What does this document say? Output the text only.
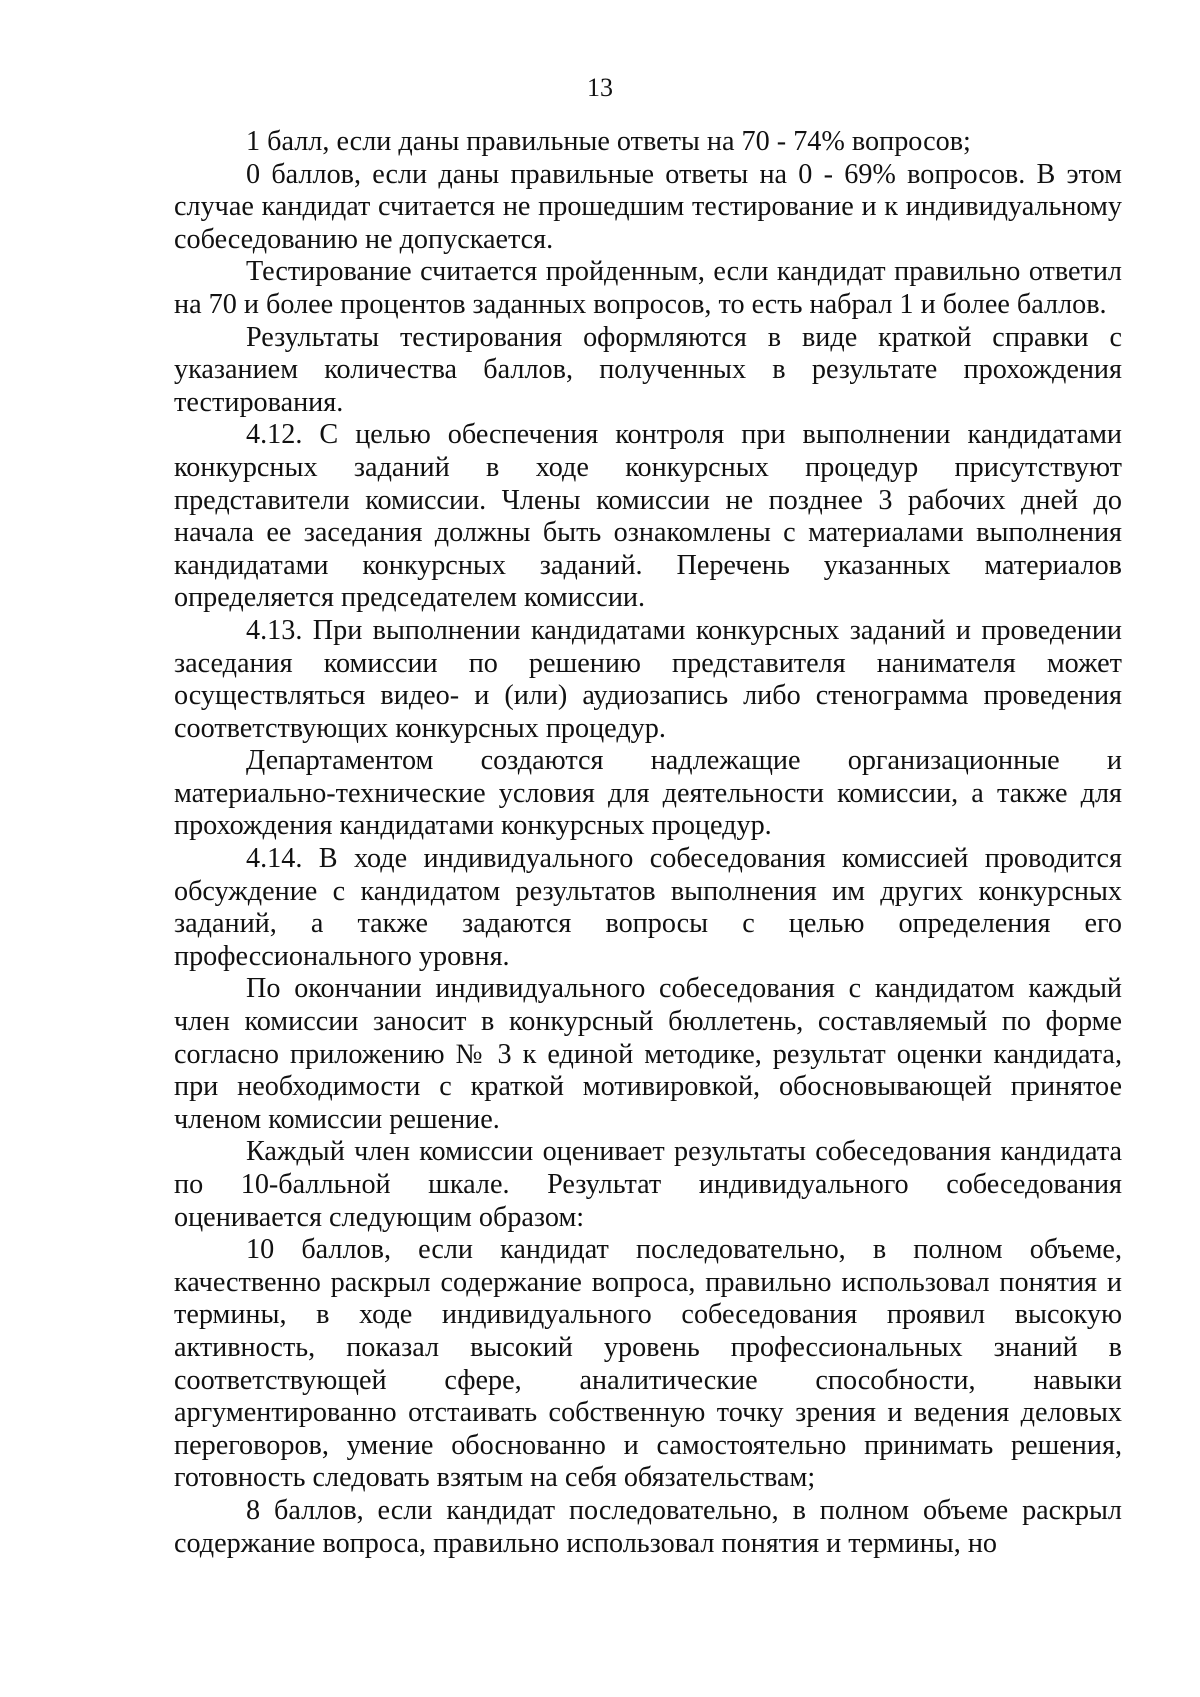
13

1 балл, если даны правильные ответы на 70 - 74% вопросов;

0 баллов, если даны правильные ответы на 0 - 69% вопросов. В этом случае кандидат считается не прошедшим тестирование и к индивидуальному собеседованию не допускается.

Тестирование считается пройденным, если кандидат правильно ответил на 70 и более процентов заданных вопросов, то есть набрал 1 и более баллов.

Результаты тестирования оформляются в виде краткой справки с указанием количества баллов, полученных в результате прохождения тестирования.

4.12. С целью обеспечения контроля при выполнении кандидатами конкурсных заданий в ходе конкурсных процедур присутствуют представители комиссии. Члены комиссии не позднее 3 рабочих дней до начала ее заседания должны быть ознакомлены с материалами выполнения кандидатами конкурсных заданий. Перечень указанных материалов определяется председателем комиссии.

4.13. При выполнении кандидатами конкурсных заданий и проведении заседания комиссии по решению представителя нанимателя может осуществляться видео- и (или) аудиозапись либо стенограмма проведения соответствующих конкурсных процедур.

Департаментом создаются надлежащие организационные и материально-технические условия для деятельности комиссии, а также для прохождения кандидатами конкурсных процедур.

4.14. В ходе индивидуального собеседования комиссией проводится обсуждение с кандидатом результатов выполнения им других конкурсных заданий, а также задаются вопросы с целью определения его профессионального уровня.

По окончании индивидуального собеседования с кандидатом каждый член комиссии заносит в конкурсный бюллетень, составляемый по форме согласно приложению № 3 к единой методике, результат оценки кандидата, при необходимости с краткой мотивировкой, обосновывающей принятое членом комиссии решение.

Каждый член комиссии оценивает результаты собеседования кандидата по 10-балльной шкале. Результат индивидуального собеседования оценивается следующим образом:

10 баллов, если кандидат последовательно, в полном объеме, качественно раскрыл содержание вопроса, правильно использовал понятия и термины, в ходе индивидуального собеседования проявил высокую активность, показал высокий уровень профессиональных знаний в соответствующей сфере, аналитические способности, навыки аргументированно отстаивать собственную точку зрения и ведения деловых переговоров, умение обоснованно и самостоятельно принимать решения, готовность следовать взятым на себя обязательствам;

8 баллов, если кандидат последовательно, в полном объеме раскрыл содержание вопроса, правильно использовал понятия и термины, но
